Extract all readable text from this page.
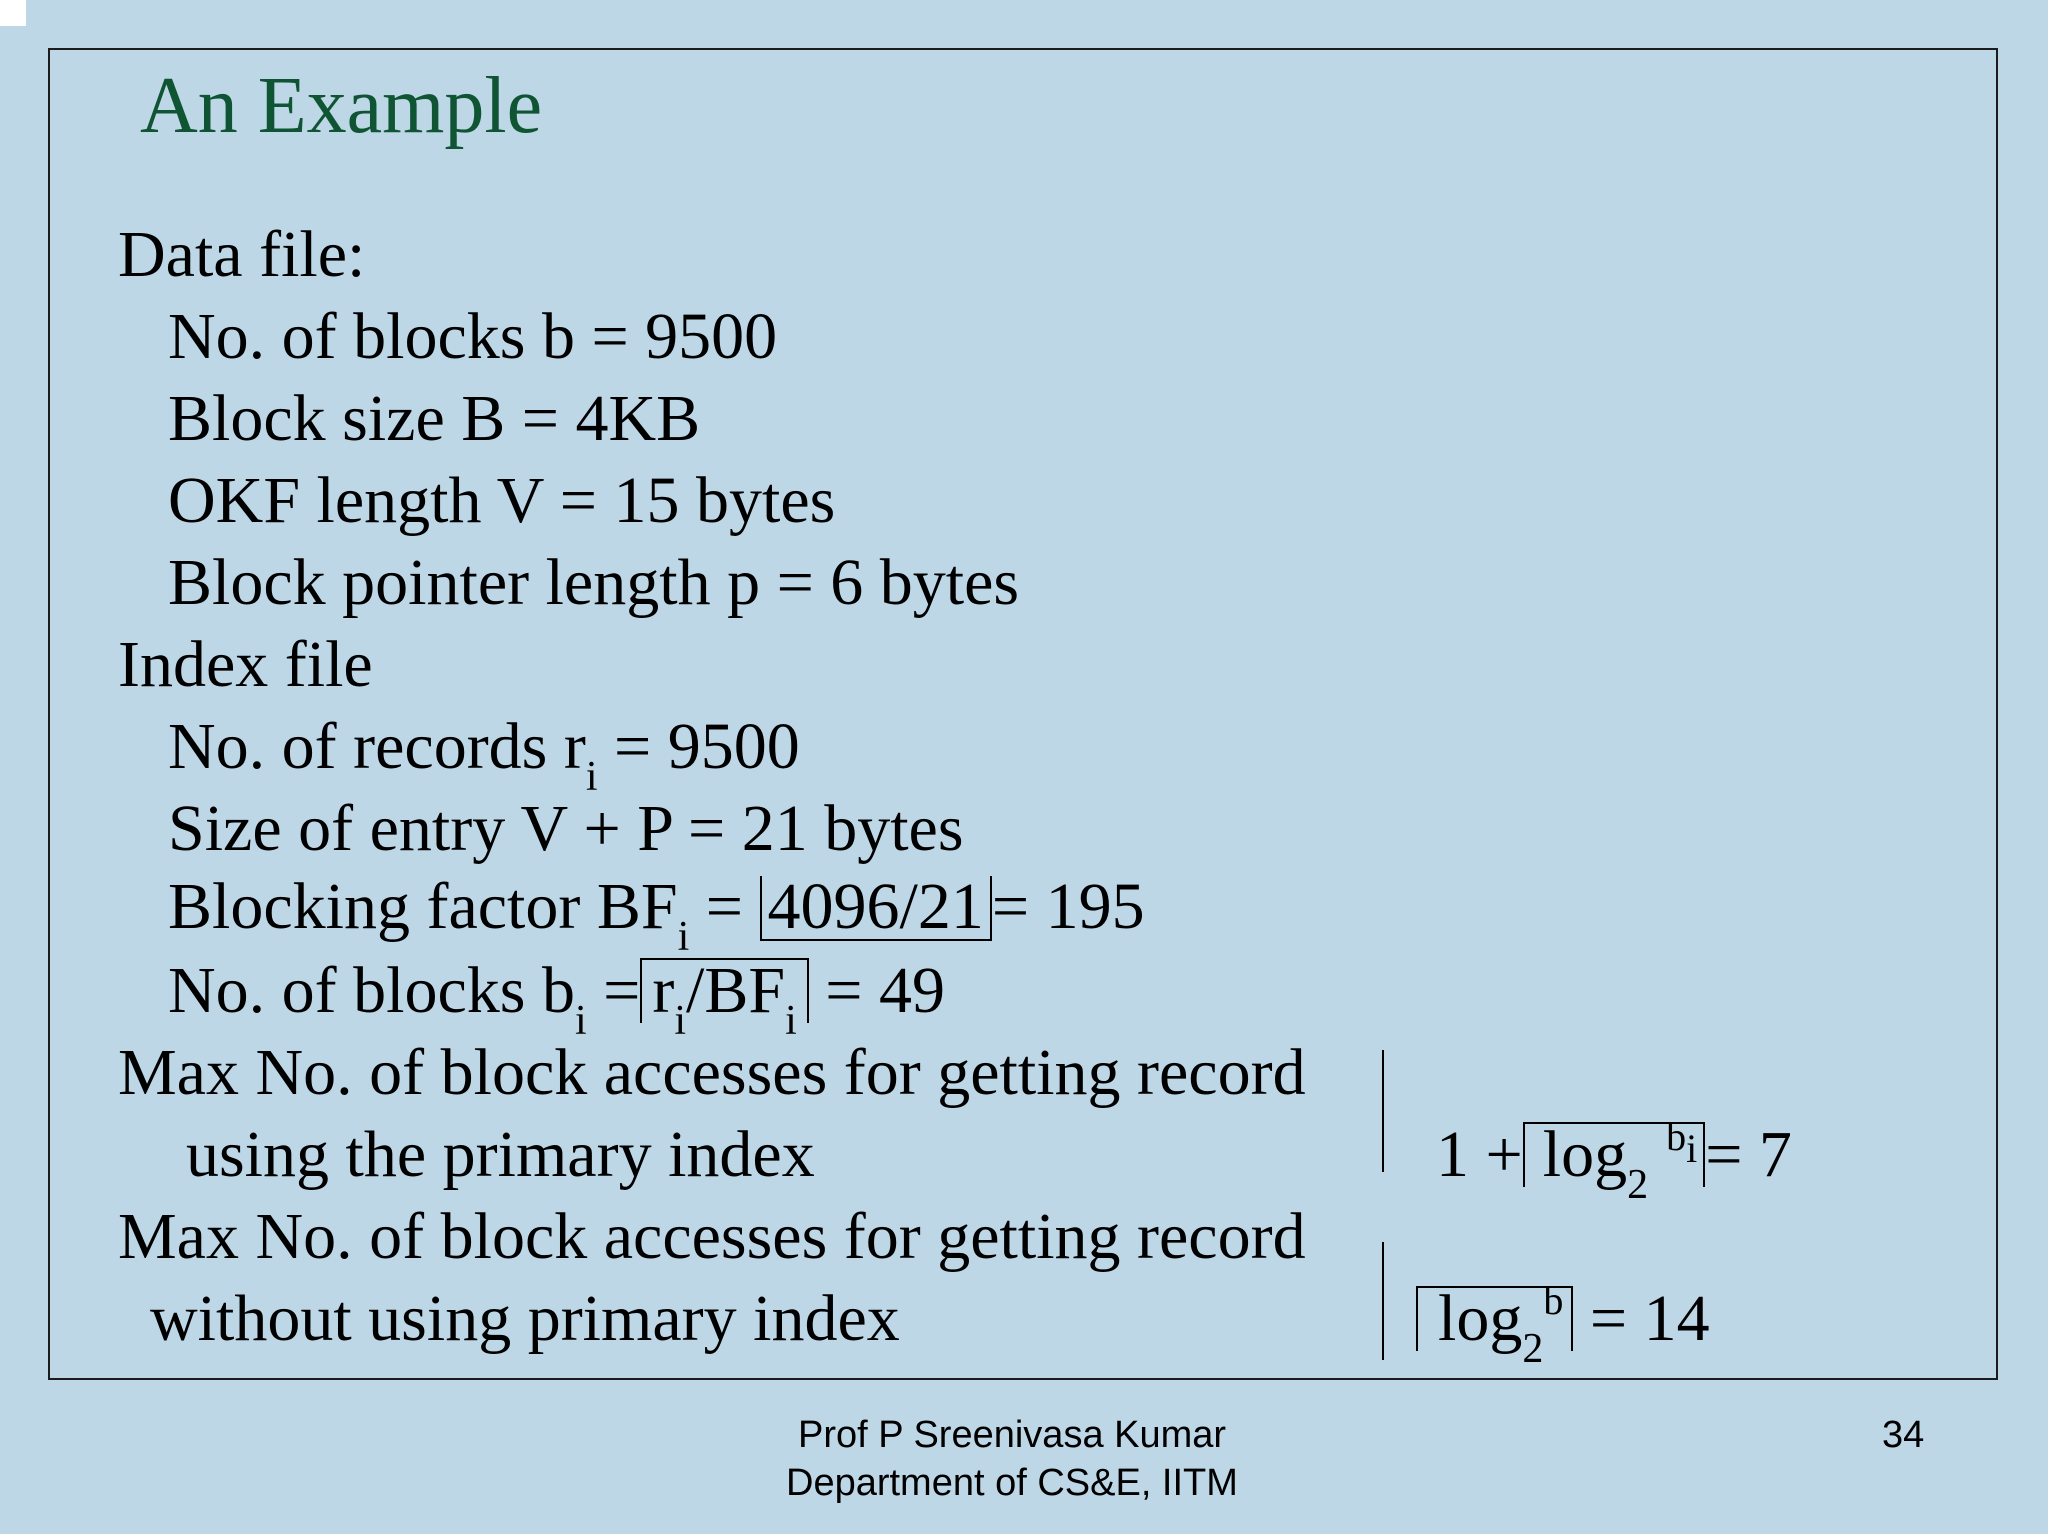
An Example
Data file:
No. of blocks b = 9500
Block size B = 4KB
OKF length V = 15 bytes
Block pointer length p = 6 bytes
Index file
No. of records $r_i = 9500$
Size of entry V + P = 21 bytes
Blocking factor $BF_i = 4096/21 = 195$
No. of blocks $b_i = r_i/BF_i = 49$
Max No. of block accesses for getting record
using the primary index	$1 + \log_2^{bi} = 7$
Max No. of block accesses for getting record
without using primary index	$\log_2^b = 14$
Prof P Sreenivasa Kumar
Department of CS&E, IITM
34
